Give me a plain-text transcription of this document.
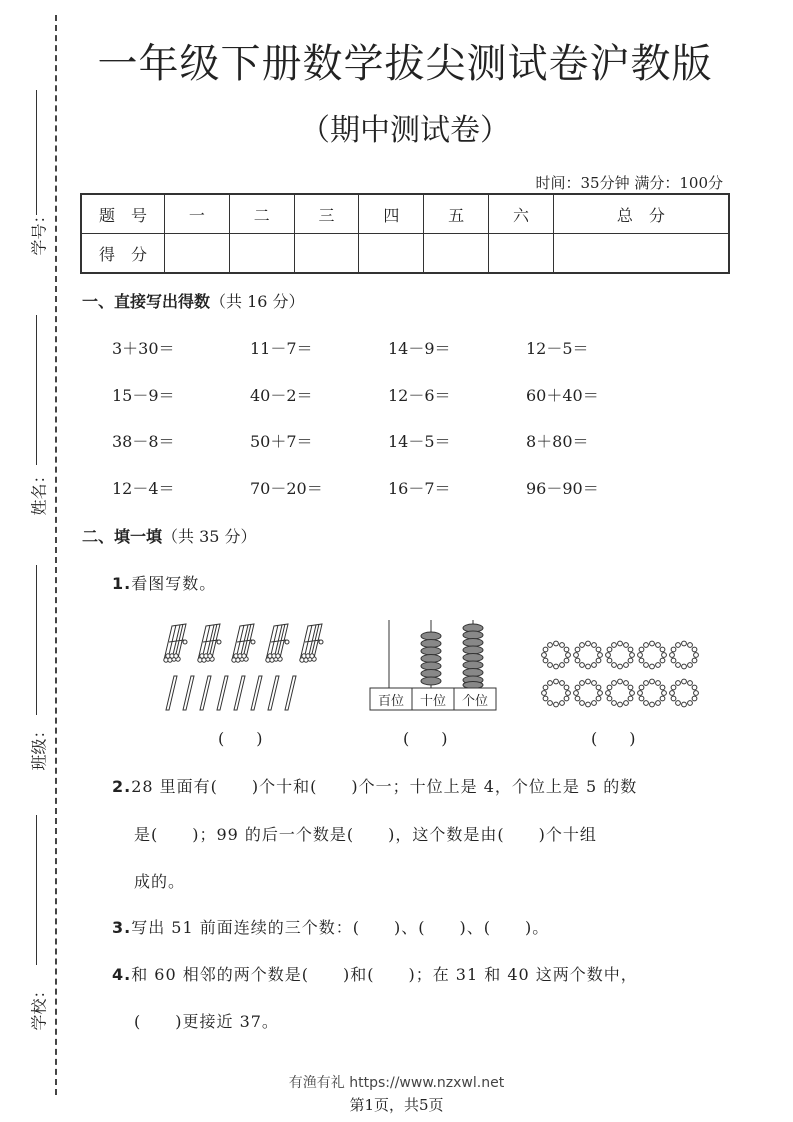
学号：
姓名：
班级：
学校：
一年级下册数学拔尖测试卷沪教版
（期中测试卷）
时间：35分钟 满分：100分
题　号	一	二	三	四	五	六	总　分
得　分							
一、直接写出得数（共 16 分）
3＋30＝	11－7＝	14－9＝	12－5＝
15－9＝	40－2＝	12－6＝	60＋40＝
38－8＝	50＋7＝	14－5＝	8＋80＝
12－4＝	70－20＝	16－7＝	96－90＝
二、填一填（共 35 分）
1.看图写数。
百位	十位	个位
(　　)	(　　)	(　　)
2.28 里面有(　　)个十和(　　)个一；十位上是 4，个位上是 5 的数
是(　　)；99 的后一个数是(　　)，这个数是由(　　)个十组
成的。
3.写出 51 前面连续的三个数：(　　)、(　　)、(　　)。
4.和 60 相邻的两个数是(　　)和(　　)；在 31 和 40 这两个数中，
(　　)更接近 37。
有渔有礼 https://www.nzxwl.net
第1页，共5页
